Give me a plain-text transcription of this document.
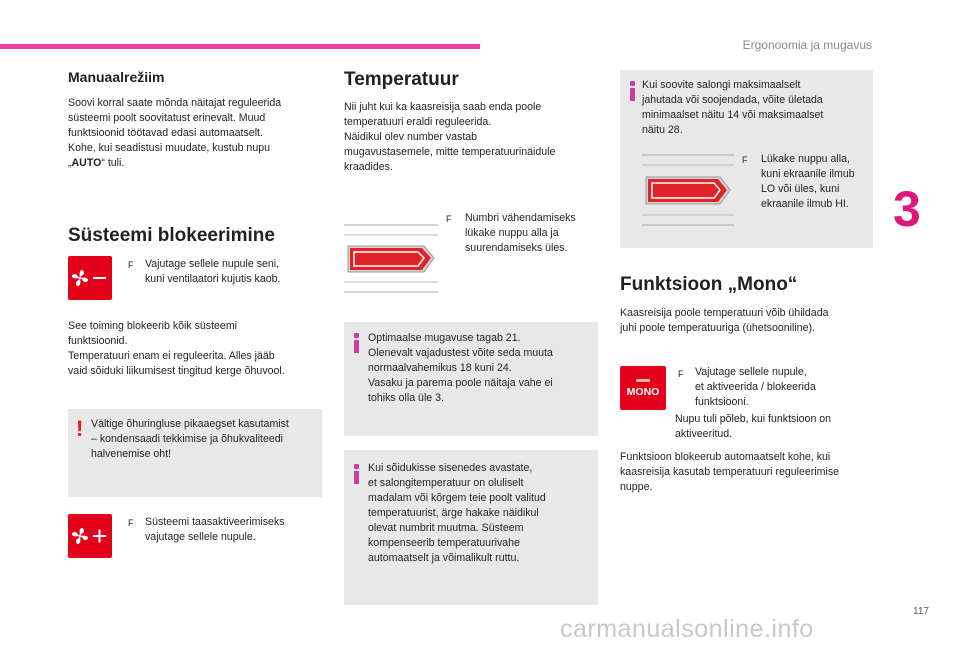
Ergonoomia ja mugavus
3
Manuaalrežiim
Soovi korral saate mõnda näitajat reguleerida
süsteemi poolt soovitatust erinevalt. Muud
funktsioonid töötavad edasi automaatselt.
Kohe, kui seadistusi muudate, kustub nupu
„AUTO“ tuli.
Süsteemi blokeerimine
F Vajutage sellele nupule seni,
kuni ventilaatori kujutis kaob.
See toiming blokeerib kõik süsteemi
funktsioonid.
Temperatuuri enam ei reguleerita. Alles jääb
vaid sõiduki liikumisest tingitud kerge õhuvool.
! Vältige õhuringluse pikaaegset kasutamist
– kondensaadi tekkimise ja õhukvaliteedi
halvenemise oht!
F Süsteemi taasaktiveerimiseks
vajutage sellele nupule.
Temperatuur
Nii juht kui ka kaasreisija saab enda poole
temperatuuri eraldi reguleerida.
Näidikul olev number vastab
mugavustasemele, mitte temperatuurinäidule
kraadides.
F Numbri vähendamiseks
lükake nuppu alla ja
suurendamiseks üles.
Optimaalse mugavuse tagab 21.
Olenevalt vajadustest võite seda muuta
normaalvahemikus 18 kuni 24.
Vasaku ja parema poole näitaja vahe ei
tohiks olla üle 3.
Kui sõidukisse sisenedes avastate,
et salongitemperatuur on oluliselt
madalam või kõrgem teie poolt valitud
temperatuurist, ärge hakake näidikul
olevat numbrit muutma. Süsteem
kompenseerib temperatuurivahe
automaatselt ja võimalikult ruttu.
Kui soovite salongi maksimaalselt
jahutada või soojendada, võite ületada
minimaalset näitu 14 või maksimaalset
näitu 28.
F Lükake nuppu alla,
kuni ekraanile ilmub
LO või üles, kuni
ekraanile ilmub HI.
Funktsioon „Mono“
Kaasreisija poole temperatuuri võib ühildada
juhi poole temperatuuriga (ühetsooniline).
MONO
F Vajutage sellele nupule,
et aktiveerida / blokeerida
funktsiooni.
Nupu tuli põleb, kui funktsioon on
aktiveeritud.
Funktsioon blokeerub automaatselt kohe, kui
kaasreisija kasutab temperatuuri reguleerimise
nuppe.
117
carmanualsonline.info
